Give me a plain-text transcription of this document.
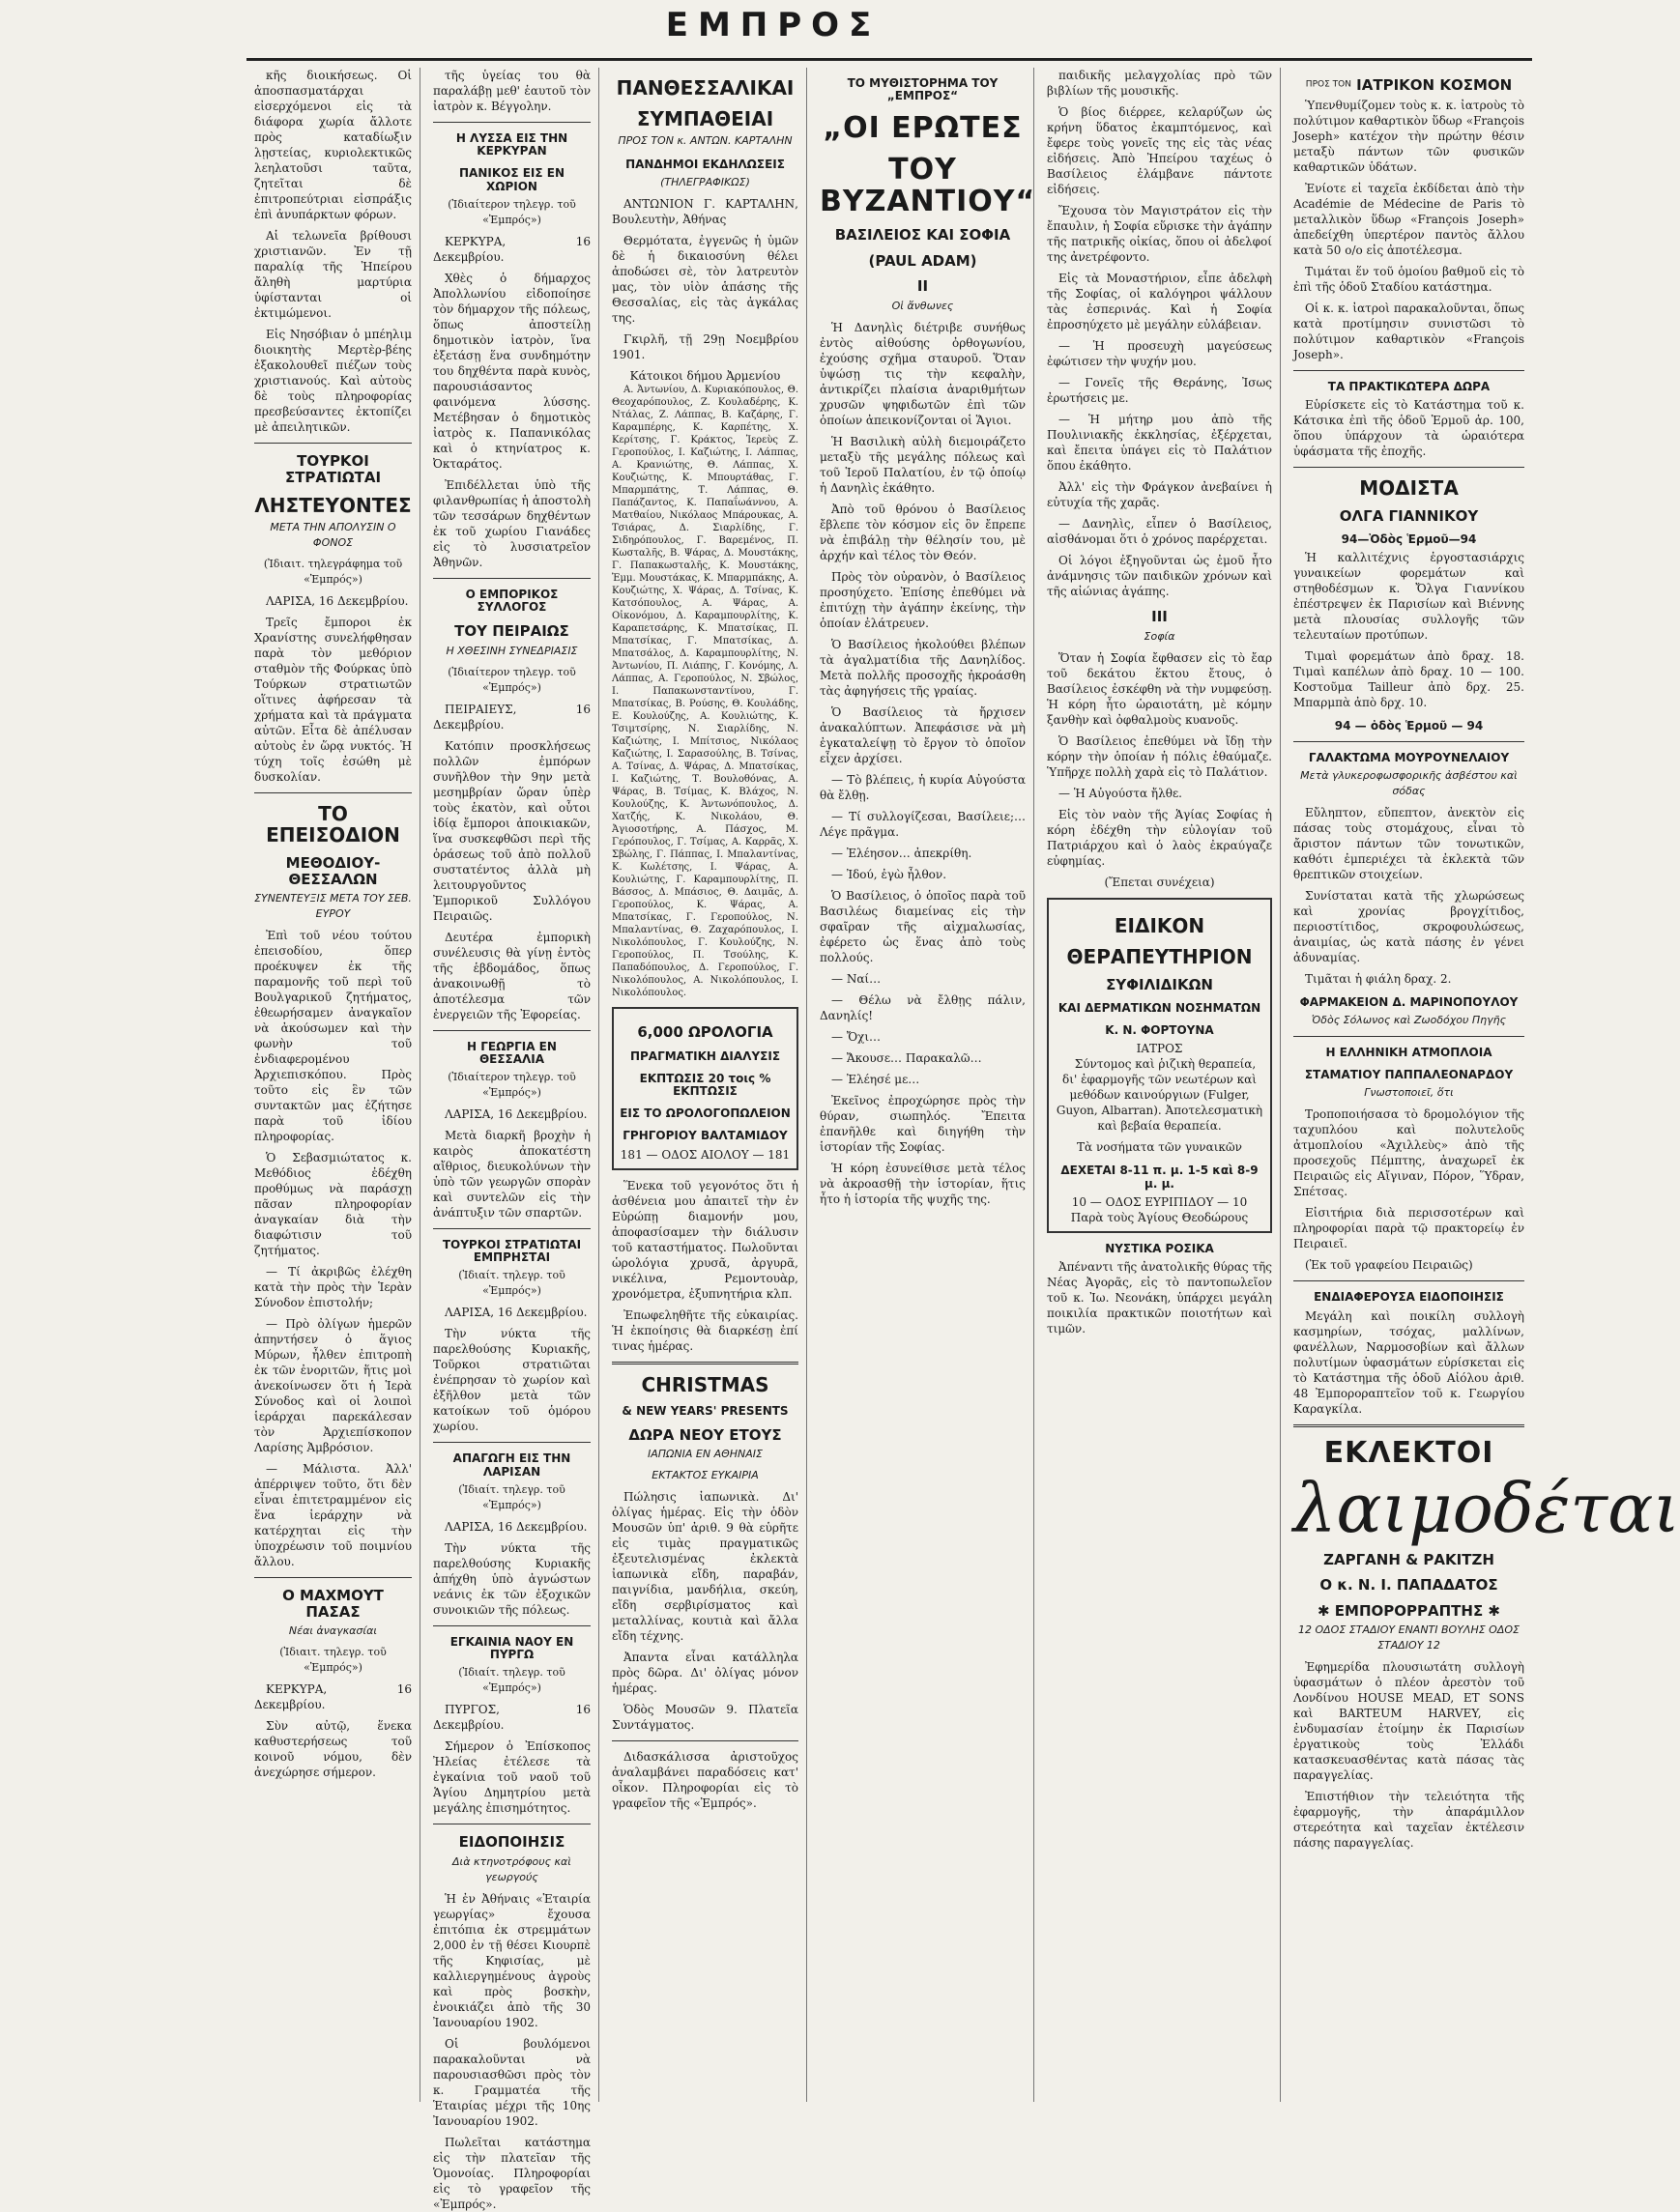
ΕΜΠΡΟΣ

κῆς διοικήσεως. Οἱ ἀποσπασματάρχαι εἰσερχόμενοι εἰς τὰ διάφορα χωρία ἄλλοτε πρὸς καταδίωξιν λῃστείας, κυριολεκτικῶς λεηλατοῦσι ταῦτα, ζητεῖται δὲ ἐπιτροπεύτριαι εἰσπράξις ἐπὶ ἀνυπάρκτων φόρων.

Αἱ τελωνεῖα βρίθουσι χριστιανῶν. Ἐν τῇ παραλίᾳ τῆς Ἠπείρου ἄληθὴ μαρτύρια ὑφίστανται οἱ ἐκτιμώμενοι.

Εἰς Νησόβιαν ὁ μπέηλιμ διοικητὴς Μερτὲρ-βέης ἐξακολουθεῖ πιέζων τοὺς χριστιανούς. Καὶ αὐτοὺς δὲ τοὺς πληροφορίας πρεσβεύσαντες ἐκτοπίζει μὲ ἀπειλητικῶν.

ΤΟΥΡΚΟΙ ΣΤΡΑΤΙΩΤΑΙ
ΛΗΣΤΕΥΟΝΤΕΣ
ΜΕΤΑ ΤΗΝ ΑΠΟΛΥΣΙΝ Ο ΦΟΝΟΣ
(Ἰδιαιτ. τηλεγράφημα τοῦ «Ἐμπρός»)

ΛΑΡΙΣΑ, 16 Δεκεμβρίου.

Τρεῖς ἔμποροι ἐκ Χρανίστης συνελήφθησαν παρὰ τὸν μεθόριον σταθμὸν τῆς Φούρκας ὑπὸ Τούρκων στρατιωτῶν οἵτινες ἀφήρεσαν τὰ χρήματα καὶ τὰ πράγματα αὐτῶν. Εἶτα δὲ ἀπέλυσαν αὐτοὺς ἐν ὥρᾳ νυκτός. Ἡ τύχη τοῖς ἐσώθη μὲ δυσκολίαν.

ΤΟ ΕΠΕΙΣΟΔΙΟΝ
ΜΕΘΟΔΙΟΥ-ΘΕΣΣΑΛΩΝ
ΣΥΝΕΝΤΕΥΞΙΣ ΜΕΤΑ ΤΟΥ ΣΕΒ. ΕΥΡΟΥ

Ἐπὶ τοῦ νέου τούτου ἐπεισοδίου, ὅπερ προέκυψεν ἐκ τῆς παραμονῆς τοῦ περὶ τοῦ Βουλγαρικοῦ ζητήματος, ἐθεωρήσαμεν ἀναγκαῖον νὰ ἀκούσωμεν καὶ τὴν φωνὴν τοῦ ἐνδιαφερομένου Ἀρχιεπισκόπου. Πρὸς τοῦτο εἰς ἓν τῶν συντακτῶν μας ἐζήτησε παρὰ τοῦ ἰδίου πληροφορίας.

Ὁ Σεβασμιώτατος κ. Μεθόδιος ἐδέχθη προθύμως νὰ παράσχῃ πᾶσαν πληροφορίαν ἀναγκαίαν διὰ τὴν διαφώτισιν τοῦ ζητήματος.

— Τί ἀκριβῶς ἐλέχθη κατὰ τὴν πρὸς τὴν Ἱερὰν Σύνοδον ἐπιστολήν;

— Πρὸ ὀλίγων ἡμερῶν ἀπηντήσεν ὁ ἅγιος Μύρων, ἦλθεν ἐπιτροπὴ ἐκ τῶν ἐνοριτῶν, ἥτις μοὶ ἀνεκοίνωσεν ὅτι ἡ Ἱερὰ Σύνοδος καὶ οἱ λοιποὶ ἱεράρχαι παρεκάλεσαν τὸν Ἀρχιεπίσκοπον Λαρίσης Ἀμβρόσιον.

— Μάλιστα. Ἀλλ' ἀπέρριψεν τοῦτο, ὅτι δὲν εἶναι ἐπιτετραμμένον εἰς ἕνα ἱεράρχην νὰ κατέρχηται εἰς τὴν ὑποχρέωσιν τοῦ ποιμνίου ἄλλου.

Ο ΜΑΧΜΟΥΤ ΠΑΣΑΣ
Νέαι ἀναγκασίαι
(Ἰδιαιτ. τηλεγρ. τοῦ «Ἐμπρός»)

ΚΕΡΚΥΡΑ, 16 Δεκεμβρίου.

Σὺν αὐτῷ, ἕνεκα καθυστερήσεως τοῦ κοινοῦ νόμου, δὲν ἀνεχώρησε σήμερον.

τῆς ὑγείας του θὰ παραλάβῃ μεθ' ἑαυτοῦ τὸν ἰατρὸν κ. Βέγγολην.

Η ΛΥΣΣΑ ΕΙΣ ΤΗΝ ΚΕΡΚΥΡΑΝ
ΠΑΝΙΚΟΣ ΕΙΣ ΕΝ ΧΩΡΙΟΝ
(Ἰδιαίτερον τηλεγρ. τοῦ «Ἐμπρός»)

ΚΕΡΚΥΡΑ, 16 Δεκεμβρίου.

Χθὲς ὁ δήμαρχος Ἀπολλωνίου εἰδοποίησε τὸν δήμαρχον τῆς πόλεως, ὅπως ἀποστείλῃ δημοτικὸν ἰατρὸν, ἵνα ἐξετάσῃ ἕνα συνδημότην του δηχθέντα παρὰ κυνὸς, παρουσιάσαντος φαινόμενα λύσσης. Μετέβησαν ὁ δημοτικὸς ἰατρὸς κ. Παπανικόλας καὶ ὁ κτηνίατρος κ. Ὀκταράτος.

Ἐπιδέλλεται ὑπὸ τῆς φιλανθρωπίας ἡ ἀποστολὴ τῶν τεσσάρων δηχθέντων ἐκ τοῦ χωρίου Γιανάδες εἰς τὸ λυσσιατρεῖον Ἀθηνῶν.

Ο ΕΜΠΟΡΙΚΟΣ ΣΥΛΛΟΓΟΣ
ΤΟΥ ΠΕΙΡΑΙΩΣ
Η ΧΘΕΣΙΝΗ ΣΥΝΕΔΡΙΑΣΙΣ
(Ἰδιαίτερον τηλεγρ. τοῦ «Ἐμπρός»)

ΠΕΙΡΑΙΕΥΣ, 16 Δεκεμβρίου.

Κατόπιν προσκλήσεως πολλῶν ἐμπόρων συνῆλθον τὴν 9ην μετὰ μεσημβρίαν ὥραν ὑπὲρ τοὺς ἑκατὸν, καὶ οὗτοι ἰδίᾳ ἔμποροι ἀποικιακῶν, ἵνα συσκεφθῶσι περὶ τῆς ὁράσεως τοῦ ἀπὸ πολλοῦ συστατέντος ἀλλὰ μὴ λειτουργοῦντος Ἐμπορικοῦ Συλλόγου Πειραιῶς.

Δευτέρα ἐμπορικὴ συνέλευσις θὰ γίνῃ ἐντὸς τῆς ἑβδομάδος, ὅπως ἀνακοινωθῇ τὸ ἀποτέλεσμα τῶν ἐνεργειῶν τῆς Ἐφορείας.

Η ΓΕΩΡΓΙΑ ΕΝ ΘΕΣΣΑΛΙΑ
(Ἰδιαίτερον τηλεγρ. τοῦ «Ἐμπρός»)

ΛΑΡΙΣΑ, 16 Δεκεμβρίου.

Μετὰ διαρκῆ βροχὴν ἡ καιρὸς ἀποκατέστη αἴθριος, διευκολύνων τὴν ὑπὸ τῶν γεωργῶν σπορὰν καὶ συντελῶν εἰς τὴν ἀνάπτυξιν τῶν σπαρτῶν.

ΤΟΥΡΚΟΙ ΣΤΡΑΤΙΩΤΑΙ ΕΜΠΡΗΣΤΑΙ
(Ἰδιαίτ. τηλεγρ. τοῦ «Ἐμπρός»)

ΛΑΡΙΣΑ, 16 Δεκεμβρίου.

Τὴν νύκτα τῆς παρελθούσης Κυριακῆς, Τοῦρκοι στρατιῶται ἐνέπρησαν τὸ χωρίον καὶ ἐξῆλθον μετὰ τῶν κατοίκων τοῦ ὁμόρου χωρίου.

ΑΠΑΓΩΓΗ ΕΙΣ ΤΗΝ ΛΑΡΙΣΑΝ
(Ἰδιαίτ. τηλεγρ. τοῦ «Ἐμπρός»)

ΛΑΡΙΣΑ, 16 Δεκεμβρίου.

Τὴν νύκτα τῆς παρελθούσης Κυριακῆς ἀπήχθη ὑπὸ ἀγνώστων νεάνις ἐκ τῶν ἐξοχικῶν συνοικιῶν τῆς πόλεως.

ΕΓΚΑΙΝΙΑ ΝΑΟΥ ΕΝ ΠΥΡΓΩ
(Ἰδιαίτ. τηλεγρ. τοῦ «Ἐμπρός»)

ΠΥΡΓΟΣ, 16 Δεκεμβρίου.

Σήμερον ὁ Ἐπίσκοπος Ἠλείας ἐτέλεσε τὰ ἐγκαίνια τοῦ ναοῦ τοῦ Ἁγίου Δημητρίου μετὰ μεγάλης ἐπισημότητος.

ΕΙΔΟΠΟΙΗΣΙΣ
Διὰ κτηνοτρόφους καὶ γεωργούς

Ἡ ἐν Ἀθήναις «Ἑταιρία γεωργίας» ἔχουσα ἐπιτόπια ἐκ στρεμμάτων 2,000 ἐν τῇ θέσει Κιουρπὲ τῆς Κηφισίας, μὲ καλλιεργημένους ἀγροὺς καὶ πρὸς βοσκὴν, ἐνοικιάζει ἀπὸ τῆς 30 Ἰανουαρίου 1902.

Οἱ βουλόμενοι παρακαλοῦνται νὰ παρουσιασθῶσι πρὸς τὸν κ. Γραμματέα τῆς Ἑταιρίας μέχρι τῆς 10ης Ἰανουαρίου 1902.

Πωλεῖται κατάστημα εἰς τὴν πλατεῖαν τῆς Ὁμονοίας. Πληροφορίαι εἰς τὸ γραφεῖον τῆς «Ἐμπρός».

ΠΑΝΘΕΣΣΑΛΙΚΑΙ
ΣΥΜΠΑΘΕΙΑΙ
ΠΡΟΣ ΤΟΝ κ. ΑΝΤΩΝ. ΚΑΡΤΑΛΗΝ
ΠΑΝΔΗΜΟΙ ΕΚΔΗΛΩΣΕΙΣ
(ΤΗΛΕΓΡΑΦΙΚΩΣ)

ΑΝΤΩΝΙΟΝ Γ. ΚΑΡΤΑΛΗΝ, Βουλευτὴν, Ἀθήνας

Θερμότατα, ἐγγενῶς ἡ ὑμῶν δὲ ἡ δικαιοσύνη θέλει ἀποδώσει σὲ, τὸν λατρευτὸν μας, τὸν υἱὸν ἁπάσης τῆς Θεσσαλίας, εἰς τὰς ἀγκάλας της.

Γκιρλῆ, τῇ 29ῃ Νοεμβρίου 1901.

Κάτοικοι δήμου Ἀρμενίου

Α. Ἀντωνίου, Δ. Κυριακόπουλος, Θ. Θεοχαρόπουλος, Ζ. Κουλαδέρης, Κ. Ντάλας, Ζ. Λάππας, Β. Καζάρης, Γ. Καραμπέρης, Κ. Καρπέτης, Χ. Κερίτσης, Γ. Κράκτος, Ἱερεὺς Ζ. Γεροπούλος, Ι. Καζιώτης, Ι. Λάππας, Α. Κρανιώτης, Θ. Λάππας, Χ. Κουζιώτης, Κ. Μπουρτάθας, Γ. Μπαρμπάτης, Τ. Λάππας, Θ. Παπάζαντος, Κ. Παπαΐωάννου, Α. Ματθαίου, Νικόλαος Μπάρουκας, Α. Τσιάρας, Δ. Σιαρλίδης, Γ. Σιδηρόπουλος, Γ. Βαρεμένος, Π. Κωσταλῆς, Β. Ψάρας, Δ. Μουστάκης, Γ. Παπακωσταλῆς, Κ. Μουστάκης, Ἐμμ. Μουστάκας, Κ. Μπαρμπάκης, Α. Κουζιώτης, Χ. Ψάρας, Δ. Τσίνας, Κ. Κατσόπουλος, Α. Ψάρας, Α. Οἰκονόμου, Δ. Καραμπουρλίτης, Κ. Καραπετσάρης, Κ. Μπατσίκας, Π. Μπατσίκας, Γ. Μπατσίκας, Δ. Μπατσάλος, Δ. Καραμπουρλίτης, Ν. Ἀντωνίου, Π. Λιάπης, Γ. Κονόμης, Λ. Λάππας, Α. Γεροπούλος, Ν. Σβώλος, Ι. Παπακωνσταντίνου, Γ. Μπατσίκας, Β. Ρούσης, Θ. Κουλάδης, Ε. Κουλούζης, Α. Κουλιώτης, Κ. Τσιμτσίρης, Ν. Σιαρλίδης, Ν. Καζιώτης, Ι. Μπίτσιος, Νικόλαος Καζιώτης, Ι. Σαρασούλης, Β. Τσίνας, Α. Τσίνας, Δ. Ψάρας, Δ. Μπατσίκας, Ι. Καζιώτης, Τ. Βουλοθόνας, Α. Ψάρας, Β. Τσίμας, Κ. Βλάχος, Ν. Κουλούζης, Κ. Ἀντωνόπουλος, Δ. Χατζής, Κ. Νικολάου, Θ. Ἀγιοσοτήρης, Α. Πάσχος, Μ. Γερόπουλος, Γ. Τσίμας, Α. Καρρᾶς, Χ. Σβώλης, Γ. Πάππας, Ι. Μπαλαντίνας, Κ. Κωλέτσης, Ι. Ψάρας, Α. Κουλιώτης, Γ. Καραμπουρλίτης, Π. Βάσσος, Δ. Μπάσιος, Θ. Δαιμᾶς, Δ. Γεροπούλος, Κ. Ψάρας, Α. Μπατσίκας, Γ. Γεροπούλος, Ν. Μπαλαντίνας, Θ. Ζαχαρόπουλος, Ι. Νικολόπουλος, Γ. Κουλούζης, Ν. Γεροπούλος, Π. Τσούλης, Κ. Παπαδόπουλος, Δ. Γεροπούλος, Γ. Νικολόπουλος, Α. Νικολόπουλος, Ι. Νικολόπουλος.

6,000 ΩΡΟΛΟΓΙΑ
ΠΡΑΓΜΑΤΙΚΗ ΔΙΑΛΥΣΙΣ
ΕΚΠΤΩΣΙΣ 20 τοις % ΕΚΠΤΩΣΙΣ
ΕΙΣ ΤΟ ΩΡΟΛΟΓΟΠΩΛΕΙΟΝ
ΓΡΗΓΟΡΙΟΥ ΒΑΛΤΑΜΙΔΟΥ
181 — ΟΔΟΣ ΑΙΟΛΟΥ — 181

Ἕνεκα τοῦ γεγονότος ὅτι ἡ ἀσθένεια μου ἀπαιτεῖ τὴν ἐν Εὐρώπῃ διαμονήν μου, ἀποφασίσαμεν τὴν διάλυσιν τοῦ καταστήματος. Πωλοῦνται ὡρολόγια χρυσᾶ, ἀργυρᾶ, νικέλινα, Ρεμοντουὰρ, χρονόμετρα, ἐξυπνητήρια κλπ.

Ἐπωφεληθῆτε τῆς εὐκαιρίας. Ἡ ἐκποίησις θὰ διαρκέσῃ ἐπί τινας ἡμέρας.

CHRISTMAS
& NEW YEARS' PRESENTS
ΔΩΡΑ ΝΕΟΥ ΕΤΟΥΣ
ΙΑΠΩΝΙΑ ΕΝ ΑΘΗΝΑΙΣ
ΕΚΤΑΚΤΟΣ ΕΥΚΑΙΡΙΑ

Πώλησις ἰαπωνικὰ. Δι' ὀλίγας ἡμέρας. Εἰς τὴν ὁδὸν Μουσῶν ὑπ' ἀριθ. 9 θὰ εὑρῆτε εἰς τιμὰς πραγματικῶς ἐξευτελισμένας ἐκλεκτὰ ἰαπωνικὰ εἴδη, παραβάν, παιγνίδια, μανδήλια, σκεύη, εἴδη σερβιρίσματος καὶ μεταλλίνας, κουτιὰ καὶ ἄλλα εἴδη τέχνης.

Ἀπαντα εἶναι κατάλληλα πρὸς δῶρα. Δι' ὀλίγας μόνον ἡμέρας.

Ὁδὸς Μουσῶν 9. Πλατεῖα Συντάγματος.

Διδασκάλισσα ἀριστοῦχος ἀναλαμβάνει παραδόσεις κατ' οἶκον. Πληροφορίαι εἰς τὸ γραφεῖον τῆς «Ἐμπρός».

ΤΟ ΜΥΘΙΣΤΟΡΗΜΑ ΤΟΥ „ΕΜΠΡΟΣ“
„ΟΙ ΕΡΩΤΕΣ
ΤΟΥ ΒΥΖΑΝΤΙΟΥ“
ΒΑΣΙΛΕΙΟΣ ΚΑΙ ΣΟΦΙΑ
(PAUL ADAM)
II
Οἱ ἄνθωνες

Ἡ Δανηλὶς διέτριβε συνήθως ἐντὸς αἰθούσης ὀρθογωνίου, ἐχούσης σχῆμα σταυροῦ. Ὅταν ὑψώσῃ τις τὴν κεφαλὴν, ἀντικρίζει πλαίσια ἀναριθμήτων χρυσῶν ψηφιδωτῶν ἐπὶ τῶν ὁποίων ἀπεικονίζονται οἱ Ἅγιοι.

Ἡ Βασιλικὴ αὐλὴ διεμοιράζετο μεταξὺ τῆς μεγάλης πόλεως καὶ τοῦ Ἱεροῦ Παλατίου, ἐν τῷ ὁποίῳ ἡ Δανηλὶς ἐκάθητο.

Ἀπὸ τοῦ θρόνου ὁ Βασίλειος ἔβλεπε τὸν κόσμον εἰς ὃν ἔπρεπε νὰ ἐπιβάλῃ τὴν θέλησίν του, μὲ ἀρχήν καὶ τέλος τὸν Θεόν.

Πρὸς τὸν οὐρανὸν, ὁ Βασίλειος προσηύχετο. Ἐπίσης ἐπεθύμει νὰ ἐπιτύχῃ τὴν ἀγάπην ἐκείνης, τὴν ὁποίαν ἐλάτρευεν.

Ὁ Βασίλειος ἠκολούθει βλέπων τὰ ἀγαλματίδια τῆς Δανηλίδος. Μετὰ πολλῆς προσοχῆς ἠκροάσθη τὰς ἀφηγήσεις τῆς γραίας.

Ὁ Βασίλειος τὰ ἤρχισεν ἀνακαλύπτων. Ἀπεφάσισε νὰ μὴ ἐγκαταλείψῃ τὸ ἔργον τὸ ὁποῖον εἶχεν ἀρχίσει.

— Τὸ βλέπεις, ἡ κυρία Αὐγούστα θὰ ἔλθῃ.

— Τί συλλογίζεσαι, Βασίλειε;… Λέγε πρᾶγμα.

— Ἐλέησον… ἀπεκρίθη.

— Ἰδού, ἐγὼ ἦλθον.

Ὁ Βασίλειος, ὁ ὁποῖος παρὰ τοῦ Βασιλέως διαμείνας εἰς τὴν σφαῖραν τῆς αἰχμαλωσίας, ἐφέρετο ὡς ἕνας ἀπὸ τοὺς πολλούς.

— Ναί…

— Θέλω νὰ ἔλθῃς πάλιν, Δανηλίς!

— Ὄχι…

— Ἄκουσε… Παρακαλῶ…

— Ἐλέησέ με…

Ἐκεῖνος ἐπροχώρησε πρὸς τὴν θύραν, σιωπηλός. Ἔπειτα ἐπανῆλθε καὶ διηγήθη τὴν ἱστορίαν τῆς Σοφίας.

Ἡ κόρη ἐσυνείθισε μετὰ τέλος νὰ ἀκροασθῇ τὴν ἱστορίαν, ἥτις ἦτο ἡ ἱστορία τῆς ψυχῆς της.

παιδικῆς μελαγχολίας πρὸ τῶν βιβλίων τῆς μουσικῆς.

Ὁ βίος διέρρεε, κελαρύζων ὡς κρήνη ὕδατος ἐκαμπτόμενος, καὶ ἔφερε τοὺς γονεῖς της εἰς τὰς νέας εἰδήσεις. Ἀπὸ Ἠπείρου ταχέως ὁ Βασίλειος ἐλάμβανε πάντοτε εἰδήσεις.

Ἔχουσα τὸν Μαγιστράτον εἰς τὴν ἔπαυλιν, ἡ Σοφία εὕρισκε τὴν ἀγάπην τῆς πατρικῆς οἰκίας, ὅπου οἱ ἀδελφοί της ἀνετρέφοντο.

Εἰς τὰ Μοναστήριον, εἶπε ἀδελφὴ τῆς Σοφίας, οἱ καλόγηροι ψάλλουν τὰς ἐσπερινάς. Καὶ ἡ Σοφία ἐπροσηύχετο μὲ μεγάλην εὐλάβειαν.

— Ἡ προσευχὴ μαγεύσεως ἐφώτισεν τὴν ψυχήν μου.

— Γονεῖς τῆς Θεράνης, Ἰσως ἐρωτήσεις με.

— Ἡ μήτηρ μου ἀπὸ τῆς Πουλινιακῆς ἐκκλησίας, ἐξέρχεται, καὶ ἔπειτα ὑπάγει εἰς τὸ Παλάτιον ὅπου ἐκάθητο.

Ἀλλ' εἰς τὴν Φράγκον ἀνεβαίνει ἡ εὐτυχία τῆς χαρᾶς.

— Δανηλὶς, εἶπεν ὁ Βασίλειος, αἰσθάνομαι ὅτι ὁ χρόνος παρέρχεται.

Οἱ λόγοι ἐξηγοῦνται ὡς ἐμοῦ ἦτο ἀνάμνησις τῶν παιδικῶν χρόνων καὶ τῆς αἰώνιας ἀγάπης.

III
Σοφία

Ὅταν ἡ Σοφία ἔφθασεν εἰς τὸ ἔαρ τοῦ δεκάτου ἕκτου ἔτους, ὁ Βασίλειος ἐσκέφθη νὰ τὴν νυμφεύσῃ. Ἡ κόρη ἦτο ὡραιοτάτη, μὲ κόμην ξανθὴν καὶ ὀφθαλμοὺς κυανοῦς.

Ὁ Βασίλειος ἐπεθύμει νὰ ἴδῃ τὴν κόρην τὴν ὁποίαν ἡ πόλις ἐθαύμαζε. Ὑπῆρχε πολλὴ χαρὰ εἰς τὸ Παλάτιον.

— Ἡ Αὐγούστα ἤλθε.

Εἰς τὸν ναὸν τῆς Ἁγίας Σοφίας ἡ κόρη ἐδέχθη τὴν εὐλογίαν τοῦ Πατριάρχου καὶ ὁ λαὸς ἐκραύγαζε εὐφημίας.

(Ἔπεται συνέχεια)
ΕΙΔΙΚΟΝ
ΘΕΡΑΠΕΥΤΗΡΙΟΝ
ΣΥΦΙΛΙΔΙΚΩΝ
ΚΑΙ ΔΕΡΜΑΤΙΚΩΝ ΝΟΣΗΜΑΤΩΝ
Κ. Ν. ΦΟΡΤΟΥΝΑ
ΙΑΤΡΟΣ

Σύντομος καὶ ῥιζικὴ θεραπεία, δι' ἐφαρμογῆς τῶν νεωτέρων καὶ μεθόδων καινούργιων (Fulger, Guyon, Albarran). Ἀποτελεσματικὴ καὶ βεβαία θεραπεία.

Τὰ νοσήματα τῶν γυναικῶν
ΔΕΧΕΤΑΙ 8-11 π. μ. 1-5 καὶ 8-9 μ. μ.
10 — ΟΔΟΣ ΕΥΡΙΠΙΔΟΥ — 10
Παρὰ τοὺς Ἁγίους Θεοδώρους
ΝΥΣΤΙΚΑ ΡΟΣΙΚΑ

Ἀπέναντι τῆς ἀνατολικῆς θύρας τῆς Νέας Ἀγορᾶς, εἰς τὸ παντοπωλεῖον τοῦ κ. Ἰω. Νεονάκη, ὑπάρχει μεγάλη ποικιλία πρακτικῶν ποιοτήτων καὶ τιμῶν.

ΠΡΟΣ ΤΟΝ ΙΑΤΡΙΚΟΝ ΚΟΣΜΟΝ

Ὑπενθυμίζομεν τοὺς κ. κ. ἰατροὺς τὸ πολύτιμον καθαρτικὸν ὕδωρ «François Joseph» κατέχον τὴν πρώτην θέσιν μεταξὺ πάντων τῶν φυσικῶν καθαρτικῶν ὑδάτων.

Ἐνίοτε εἰ ταχεῖα ἐκδίδεται ἀπὸ τὴν Académie de Médecine de Paris τὸ μεταλλικὸν ὕδωρ «François Joseph» ἀπεδείχθη ὑπερτέρον παντὸς ἄλλου κατὰ 50 ο/ο εἰς ἀποτέλεσμα.

Τιμάται ἕν τοῦ ὁμοίου βαθμοῦ εἰς τὸ ἐπὶ τῆς ὁδοῦ Σταδίου κατάστημα.

Οἱ κ. κ. ἰατροὶ παρακαλοῦνται, ὅπως κατὰ προτίμησιν συνιστῶσι τὸ πολύτιμον καθαρτικὸν «François Joseph».

ΤΑ ΠΡΑΚΤΙΚΩΤΕΡΑ ΔΩΡΑ

Εὑρίσκετε εἰς τὸ Κατάστημα τοῦ κ. Κάτσικα ἐπὶ τῆς ὁδοῦ Ἑρμοῦ ἀρ. 100, ὅπου ὑπάρχουν τὰ ὡραιότερα ὑφάσματα τῆς ἐποχῆς.

ΜΟΔΙΣΤΑ
ΟΛΓΑ ΓΙΑΝΝΙΚΟΥ
94—Ὁδὸς Ἑρμοῦ—94

Ἡ καλλιτέχνις ἐργοστασιάρχις γυναικείων φορεμάτων καὶ στηθοδέσμων κ. Ὄλγα Γιαννίκου ἐπέστρεψεν ἐκ Παρισίων καὶ Βιέννης μετὰ πλουσίας συλλογῆς τῶν τελευταίων προτύπων.

Τιμαὶ φορεμάτων ἀπὸ δραχ. 18. Τιμαὶ καπέλων ἀπὸ δραχ. 10 — 100. Κοστοῦμα Tailleur ἀπὸ δρχ. 25. Μπαρμπὰ ἀπὸ δρχ. 10.

94 — ὁδὸς Ἑρμοῦ — 94
ΓΑΛΑΚΤΩΜΑ ΜΟΥΡΟΥΝΕΛΑΙΟΥ
Μετὰ γλυκεροφωσφορικῆς ἀσβέστου καὶ σόδας

Εὔληπτον, εὔπεπτον, ἀνεκτὸν εἰς πάσας τοὺς στομάχους, εἶναι τὸ ἄριστον πάντων τῶν τονωτικῶν, καθότι ἐμπεριέχει τὰ ἐκλεκτὰ τῶν θρεπτικῶν στοιχείων.

Συνίσταται κατὰ τῆς χλωρώσεως καὶ χρονίας βρογχίτιδος, περιοστίτιδος, σκροφουλώσεως, ἀναιμίας, ὡς κατὰ πάσης ἐν γένει ἀδυναμίας.

Τιμᾶται ἡ φιάλη δραχ. 2.

ΦΑΡΜΑΚΕΙΟΝ Δ. ΜΑΡΙΝΟΠΟΥΛΟΥ
Ὁδὸς Σόλωνος καὶ Ζωοδόχου Πηγῆς
Η ΕΛΛΗΝΙΚΗ ΑΤΜΟΠΛΟΙΑ
ΣΤΑΜΑΤΙΟΥ ΠΑΠΠΑΛΕΟΝΑΡΔΟΥ
Γνωστοποιεῖ, ὅτι

Τροποποιήσασα τὸ δρομολόγιον τῆς ταχυπλόου καὶ πολυτελοῦς ἀτμοπλοίου «Ἀχιλλεὺς» ἀπὸ τῆς προσεχοῦς Πέμπτης, ἀναχωρεῖ ἐκ Πειραιῶς εἰς Αἴγιναν, Πόρον, Ὕδραν, Σπέτσας.

Εἰσιτήρια διὰ περισσοτέρων καὶ πληροφορίαι παρὰ τῷ πρακτορείῳ ἐν Πειραιεῖ.

(Ἐκ τοῦ γραφείου Πειραιῶς)

ΕΝΔΙΑΦΕΡΟΥΣΑ ΕΙΔΟΠΟΙΗΣΙΣ

Μεγάλη καὶ ποικίλη συλλογὴ κασμηρίων, τσόχας, μαλλίνων, φανέλλων, Ναρμοσοβίων καὶ ἄλλων πολυτίμων ὑφασμάτων εὑρίσκεται εἰς τὸ Κατάστημα τῆς ὁδοῦ Αἰόλου ἀριθ. 48 Ἐμποροραπτεῖον τοῦ κ. Γεωργίου Καραγκίλα.

ΕΚΛΕΚΤΟΙ
λαιμοδέται
ΖΑΡΓΑΝΗ & ΡΑΚΙΤΖΗ
Ο κ. Ν. Ι. ΠΑΠΑΔΑΤΟΣ
✱ ΕΜΠΟΡΟΡΡΑΠΤΗΣ ✱
12 ΟΔΟΣ ΣΤΑΔΙΟΥ ΕΝΑΝΤΙ ΒΟΥΛΗΣ ΟΔΟΣ ΣΤΑΔΙΟΥ 12

Ἐφημερίδα πλουσιωτάτη συλλογὴ ὑφασμάτων ὁ πλέον ἀρεστὸν τοῦ Λονδίνου HOUSE MEAD, ET SONS καὶ BARTEUM HARVEY, εἰς ἐνδυμασίαν ἐτοίμην ἐκ Παρισίων ἐργατικοὺς τοὺς Ἐλλάδι κατασκευασθέντας κατὰ πάσας τὰς παραγγελίας.

Ἐπιστήθιον τὴν τελειότητα τῆς ἐφαρμογῆς, τὴν ἀπαράμιλλον στερεότητα καὶ ταχεῖαν ἐκτέλεσιν πάσης παραγγελίας.
